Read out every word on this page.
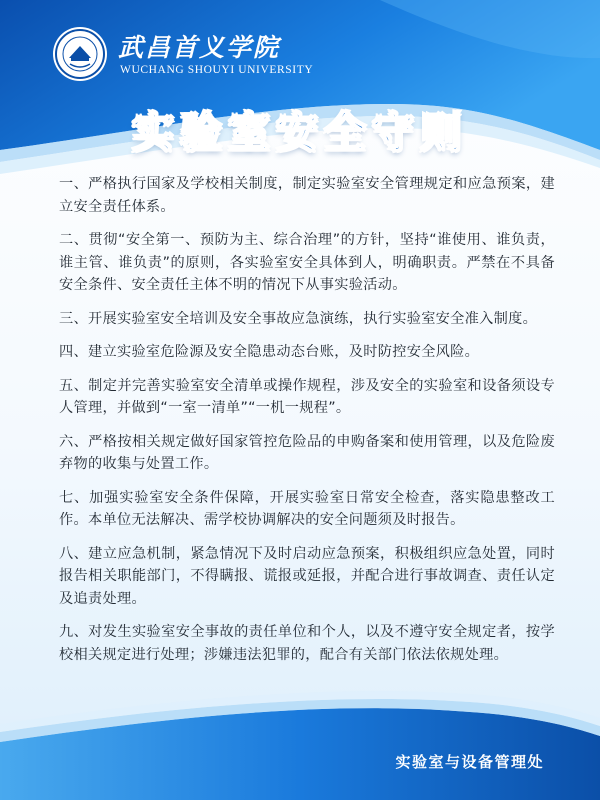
武昌首义学院
WUCHANG SHOUYI UNIVERSITY
实验室安全守则

一、严格执行国家及学校相关制度，制定实验室安全管理规定和应急预案，建立安全责任体系。

二、贯彻“安全第一、预防为主、综合治理”的方针，坚持“谁使用、谁负责，谁主管、谁负责”的原则，各实验室安全具体到人，明确职责。严禁在不具备安全条件、安全责任主体不明的情况下从事实验活动。

三、开展实验室安全培训及安全事故应急演练，执行实验室安全准入制度。

四、建立实验室危险源及安全隐患动态台账，及时防控安全风险。

五、制定并完善实验室安全清单或操作规程，涉及安全的实验室和设备须设专人管理，并做到“一室一清单”“一机一规程”。

六、严格按相关规定做好国家管控危险品的申购备案和使用管理，以及危险废弃物的收集与处置工作。

七、加强实验室安全条件保障，开展实验室日常安全检查，落实隐患整改工作。本单位无法解决、需学校协调解决的安全问题须及时报告。

八、建立应急机制，紧急情况下及时启动应急预案，积极组织应急处置，同时报告相关职能部门，不得瞒报、谎报或延报，并配合进行事故调查、责任认定及追责处理。

九、对发生实验室安全事故的责任单位和个人，以及不遵守安全规定者，按学校相关规定进行处理；涉嫌违法犯罪的，配合有关部门依法依规处理。

实验室与设备管理处
